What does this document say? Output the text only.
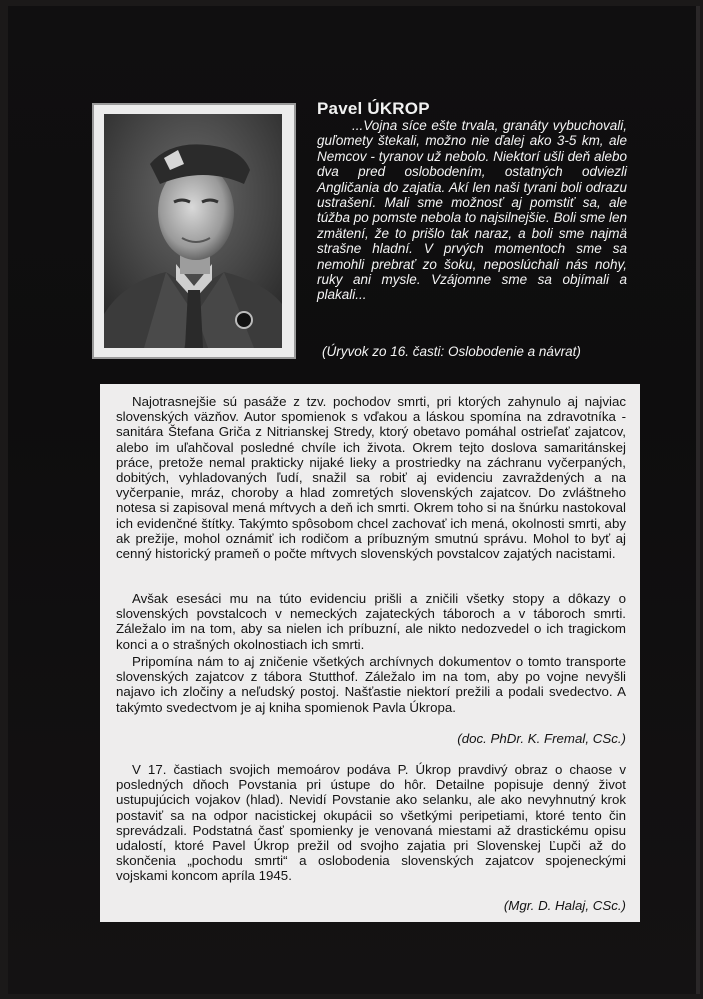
Pavel ÚKROP
...Vojna síce ešte trvala, granáty vybuchovali, guľomety štekali, možno nie ďalej ako 3-5 km, ale Nemcov - tyranov už nebolo. Niektorí ušli deň alebo dva pred oslobodením, ostatných odviezli Angličania do zajatia. Akí len naši tyrani boli odrazu ustrašení. Mali sme možnosť aj pomstiť sa, ale túžba po pomste nebola to najsilnejšie. Boli sme len zmätení, že to prišlo tak naraz, a boli sme najmä strašne hladní. V prvých momentoch sme sa nemohli prebrať zo šoku, neposlúchali nás nohy, ruky ani mysle. Vzájomne sme sa objímali a plakali...
(Úryvok zo 16. časti: Oslobodenie a návrat)
Najotrasnejšie sú pasáže z tzv. pochodov smrti, pri ktorých zahynulo aj najviac slovenských väzňov. Autor spomienok s vďakou a láskou spomína na zdravotníka - sanitára Štefana Griča z Nitrianskej Stredy, ktorý obetavo pomáhal ostrieľať zajatcov, alebo im uľahčoval posledné chvíle ich života. Okrem tejto doslova samaritánskej práce, pretože nemal prakticky nijaké lieky a prostriedky na záchranu vyčerpaných, dobitých, vyhladovaných ľudí, snažil sa robiť aj evidenciu zavraždených a na vyčerpanie, mráz, choroby a hlad zomretých slovenských zajatcov. Do zvláštneho notesa si zapisoval mená mŕtvych a deň ich smrti. Okrem toho si na šnúrku nastokoval ich evidenčné štítky. Takýmto spôsobom chcel zachovať ich mená, okolnosti smrti, aby ak prežije, mohol oznámiť ich rodičom a príbuzným smutnú správu. Mohol to byť aj cenný historický prameň o počte mŕtvych slovenských povstalcov zajatých nacistami.
Avšak esesáci mu na túto evidenciu prišli a zničili všetky stopy a dôkazy o slovenských povstalcoch v nemeckých zajateckých táboroch a v táboroch smrti. Záležalo im na tom, aby sa nielen ich príbuzní, ale nikto nedozvedel o ich tragickom konci a o strašných okolnostiach ich smrti.
Pripomína nám to aj zničenie všetkých archívnych dokumentov o tomto transporte slovenských zajatcov z tábora Stutthof. Záležalo im na tom, aby po vojne nevyšli najavo ich zločiny a neľudský postoj. Našťastie niektorí prežili a podali svedectvo. A takýmto svedectvom je aj kniha spomienok Pavla Úkropa.
(doc. PhDr. K. Fremal, CSc.)
V 17. častiach svojich memoárov podáva P. Úkrop pravdivý obraz o chaose v posledných dňoch Povstania pri ústupe do hôr. Detailne popisuje denný život ustupujúcich vojakov (hlad). Nevidí Povstanie ako selanku, ale ako nevyhnutný krok postaviť sa na odpor nacistickej okupácii so všetkými peripetiami, ktoré tento čin sprevádzali. Podstatná časť spomienky je venovaná miestami až drastickému opisu udalostí, ktoré Pavel Úkrop prežil od svojho zajatia pri Slovenskej Ľupči až do skončenia „pochodu smrti“ a oslobodenia slovenských zajatcov spojeneckými vojskami koncom apríla 1945.
(Mgr. D. Halaj, CSc.)
